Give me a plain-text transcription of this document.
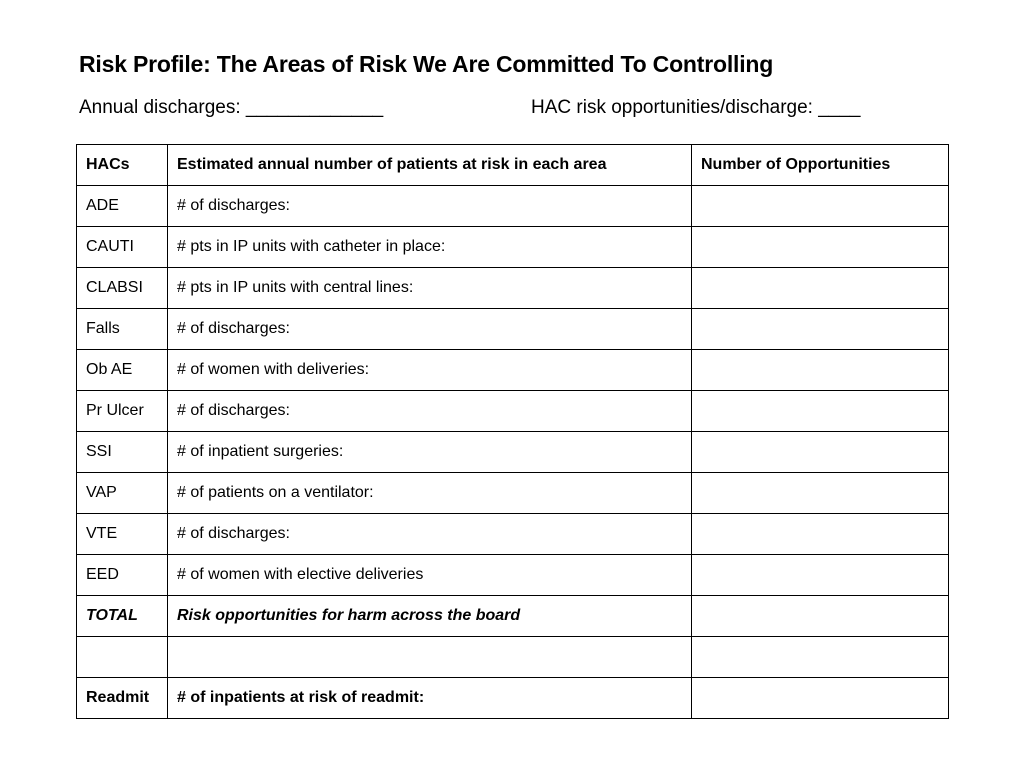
Risk Profile: The Areas of Risk We Are Committed To Controlling
Annual discharges: _____________	HAC risk opportunities/discharge: ____
HACs	Estimated annual number of patients at risk in each area	Number of Opportunities
ADE	# of discharges:	
CAUTI	# pts in IP units with catheter in place:	
CLABSI	# pts in IP units with central lines:	
Falls	# of discharges:	
Ob AE	# of women with deliveries:	
Pr Ulcer	# of discharges:	
SSI	# of inpatient surgeries:	
VAP	# of patients on a ventilator:	
VTE	# of discharges:	
EED	# of women with elective deliveries	
TOTAL	Risk opportunities for harm across the board	

Readmit	# of inpatients at risk of readmit:	
